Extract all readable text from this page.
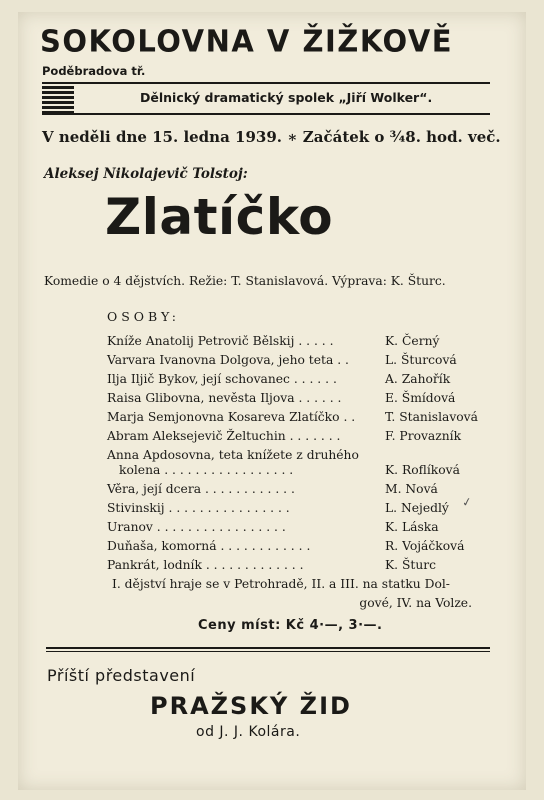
SOKOLOVNA V ŽIŽKOVĚ
Poděbradova tř.
Dělnický dramatický spolek „Jiří Wolker“.
V neděli dne 15. ledna 1939. ∗ Začátek o ¾8. hod. več.
Aleksej Nikolajevič Tolstoj:
Zlatíčko
Komedie o 4 dějstvích. Režie: T. Stanislavová. Výprava: K. Šturc.
OSOBY:
Kníže Anatolij Petrovič Bělskij . . . . .	K. Černý
Varvara Ivanovna Dolgova, jeho teta . .	L. Šturcová
Ilja Iljič Bykov, její schovanec . . . . . .	A. Zahořík
Raisa Glibovna, nevěsta Iljova . . . . . .	E. Šmídová
Marja Semjonovna Kosareva Zlatíčko . . T. Stanislavová
Abram Aleksejevič Želtuchin . . . . . . .	F. Provazník
Anna Apdosovna, teta knížete z druhého
kolena . . . . . . . . . . . . . . . . .	K. Roflíková
Věra, její dcera . . . . . . . . . . . .	M. Nová
Stivinskij . . . . . . . . . . . . . . . .	L. Nejedlý
Uranov . . . . . . . . . . . . . . . . .	K. Láska
Duňaša, komorná . . . . . . . . . . . .	R. Vojáčková
Pankrát, lodník . . . . . . . . . . . . .	K. Šturc
I. dějství hraje se v Petrohradě, II. a III. na statku Dol-
gové, IV. na Volze.
Ceny míst: Kč 4·—, 3·—.
Příští představení
PRAŽSKÝ ŽID
od J. J. Kolára.
✓
